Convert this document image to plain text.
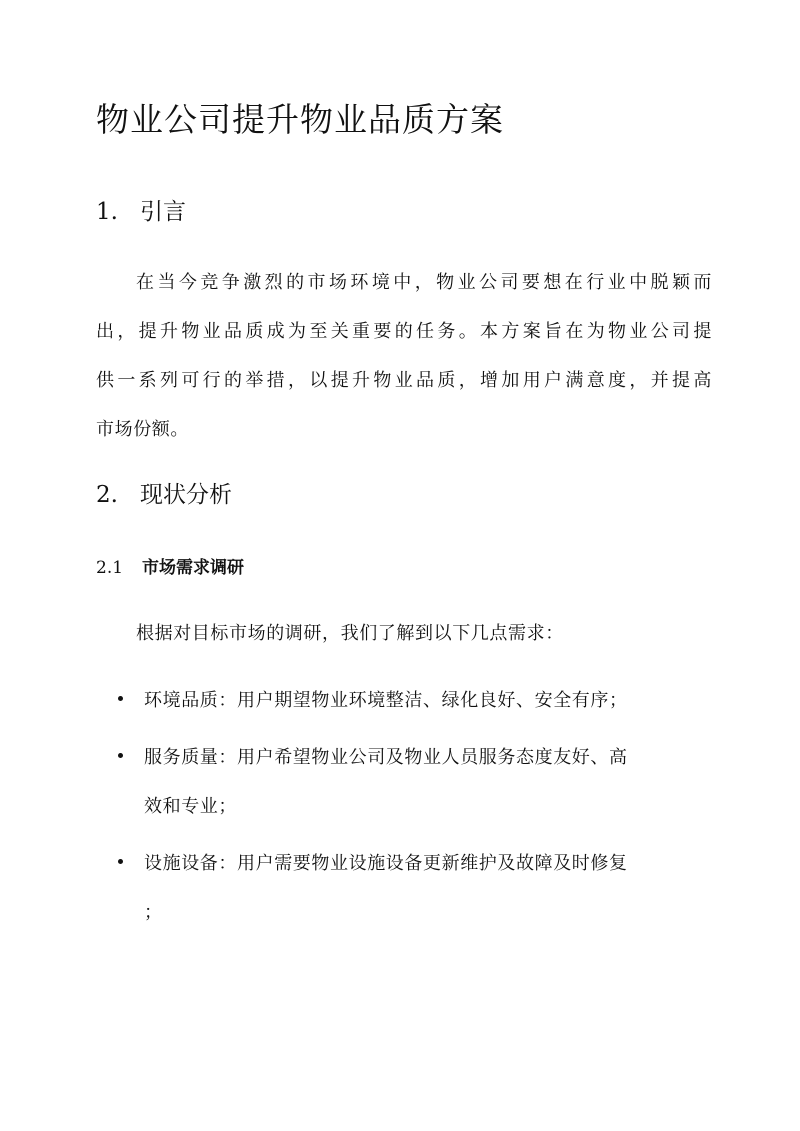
物业公司提升物业品质方案
1. 引言
在当今竞争激烈的市场环境中，物业公司要想在行业中脱颖而
出，提升物业品质成为至关重要的任务。本方案旨在为物业公司提
供一系列可行的举措，以提升物业品质，增加用户满意度，并提高
市场份额。
2. 现状分析
2.1 市场需求调研

根据对目标市场的调研，我们了解到以下几点需求：

环境品质：用户期望物业环境整洁、绿化良好、安全有序；
服务质量：用户希望物业公司及物业人员服务态度友好、高
效和专业；
设施设备：用户需要物业设施设备更新维护及故障及时修复
；
